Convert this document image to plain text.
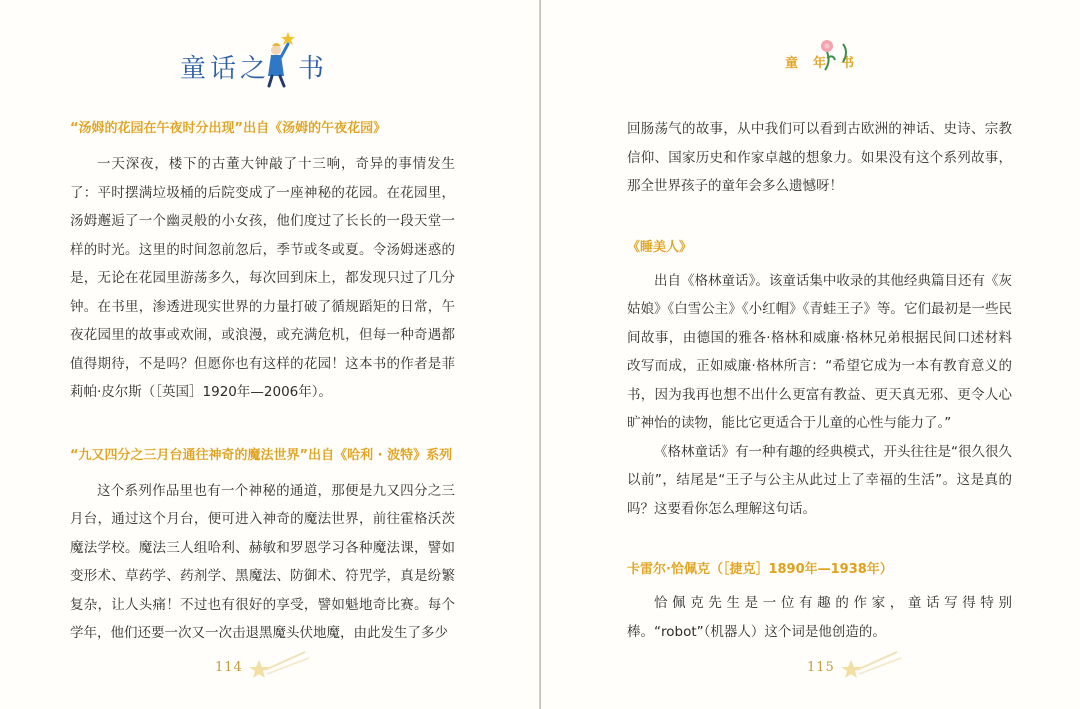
童话之 书

“汤姆的花园在午夜时分出现”出自《汤姆的午夜花园》

一天深夜，楼下的古董大钟敲了十三响，奇异的事情发生了：平时摆满垃圾桶的后院变成了一座神秘的花园。在花园里，汤姆邂逅了一个幽灵般的小女孩，他们度过了长长的一段天堂一样的时光。这里的时间忽前忽后，季节或冬或夏。令汤姆迷惑的是，无论在花园里游荡多久，每次回到床上，都发现只过了几分钟。在书里，渗透进现实世界的力量打破了循规蹈矩的日常，午夜花园里的故事或欢闹，或浪漫，或充满危机，但每一种奇遇都值得期待，不是吗？但愿你也有这样的花园！这本书的作者是菲莉帕·皮尔斯（［英国］1920年—2006年）。

“九又四分之三月台通往神奇的魔法世界”出自《哈利 · 波特》系列

这个系列作品里也有一个神秘的通道，那便是九又四分之三月台，通过这个月台，便可进入神奇的魔法世界，前往霍格沃茨魔法学校。魔法三人组哈利、赫敏和罗恩学习各种魔法课，譬如变形术、草药学、药剂学、黑魔法、防御术、符咒学，真是纷繁复杂，让人头痛！不过也有很好的享受，譬如魁地奇比赛。每个学年，他们还要一次又一次击退黑魔头伏地魔，由此发生了多少

114
童  年  书

回肠荡气的故事，从中我们可以看到古欧洲的神话、史诗、宗教信仰、国家历史和作家卓越的想象力。如果没有这个系列故事，那全世界孩子的童年会多么遗憾呀！

《睡美人》

出自《格林童话》。该童话集中收录的其他经典篇目还有《灰姑娘》《白雪公主》《小红帽》《青蛙王子》等。它们最初是一些民间故事，由德国的雅各·格林和威廉·格林兄弟根据民间口述材料改写而成，正如威廉·格林所言：“希望它成为一本有教育意义的书，因为我再也想不出什么更富有教益、更天真无邪、更令人心旷神怡的读物，能比它更适合于儿童的心性与能力了。”

《格林童话》有一种有趣的经典模式，开头往往是“很久很久以前”，结尾是“王子与公主从此过上了幸福的生活”。这是真的吗？这要看你怎么理解这句话。

卡雷尔·恰佩克（［捷克］1890年—1938年）

恰佩克先生是一位有趣的作家，童话写得特别棒。“robot”（机器人）这个词是他创造的。

115
